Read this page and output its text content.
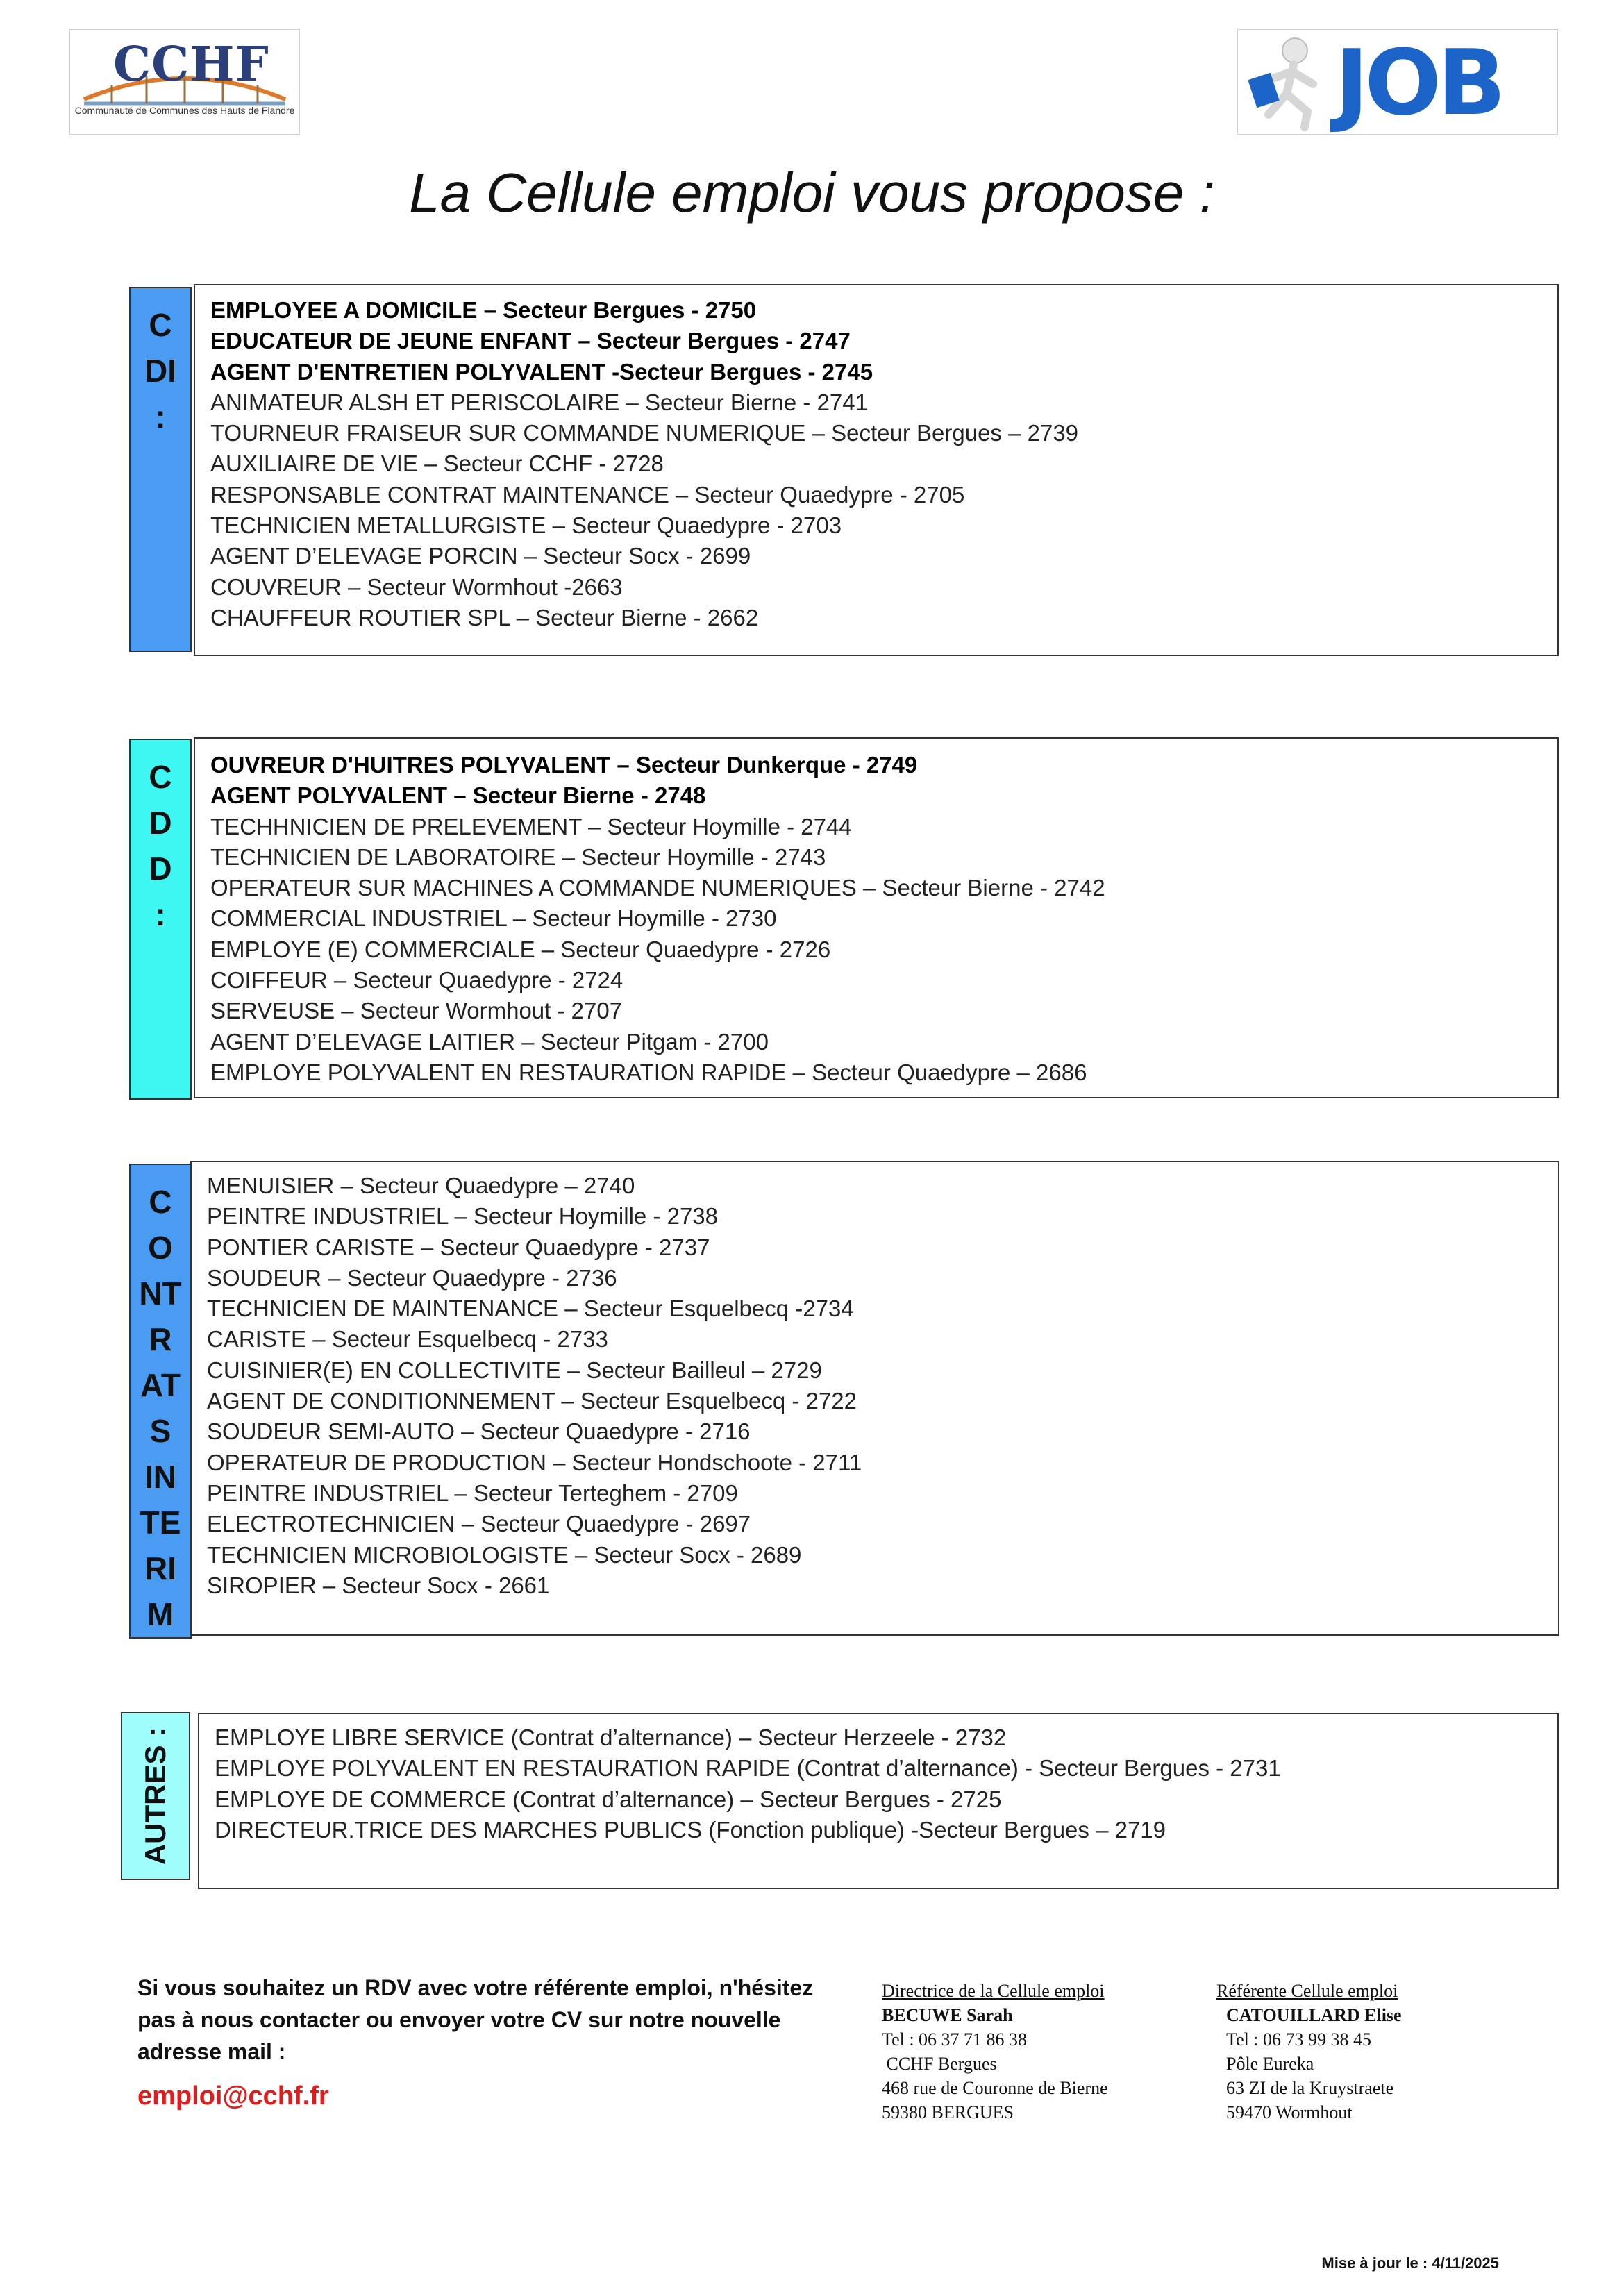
CCHF
Communauté de Communes des Hauts de Flandre	JOB
La Cellule emploi vous propose :
C
DI
:
EMPLOYEE A DOMICILE – Secteur Bergues - 2750
EDUCATEUR DE JEUNE ENFANT – Secteur Bergues - 2747
AGENT D'ENTRETIEN POLYVALENT -Secteur Bergues - 2745
ANIMATEUR ALSH ET PERISCOLAIRE – Secteur Bierne - 2741
TOURNEUR FRAISEUR SUR COMMANDE NUMERIQUE – Secteur Bergues – 2739
AUXILIAIRE DE VIE – Secteur CCHF - 2728
RESPONSABLE CONTRAT MAINTENANCE – Secteur Quaedypre - 2705
TECHNICIEN METALLURGISTE – Secteur Quaedypre - 2703
AGENT D’ELEVAGE PORCIN – Secteur Socx - 2699
COUVREUR – Secteur Wormhout -2663
CHAUFFEUR ROUTIER SPL – Secteur Bierne - 2662
C
D
D
:
OUVREUR D'HUITRES POLYVALENT – Secteur Dunkerque - 2749
AGENT POLYVALENT – Secteur Bierne - 2748
TECHHNICIEN DE PRELEVEMENT – Secteur Hoymille - 2744
TECHNICIEN DE LABORATOIRE – Secteur Hoymille - 2743
OPERATEUR SUR MACHINES A COMMANDE NUMERIQUES – Secteur Bierne - 2742
COMMERCIAL INDUSTRIEL – Secteur Hoymille - 2730
EMPLOYE (E) COMMERCIALE – Secteur Quaedypre - 2726
COIFFEUR – Secteur Quaedypre - 2724
SERVEUSE – Secteur Wormhout - 2707
AGENT D’ELEVAGE LAITIER – Secteur Pitgam - 2700
EMPLOYE POLYVALENT EN RESTAURATION RAPIDE – Secteur Quaedypre – 2686
C
O
NT
R
AT
S
IN
TE
RI
M
MENUISIER – Secteur Quaedypre – 2740
PEINTRE INDUSTRIEL – Secteur Hoymille - 2738
PONTIER CARISTE – Secteur Quaedypre - 2737
SOUDEUR – Secteur Quaedypre - 2736
TECHNICIEN DE MAINTENANCE – Secteur Esquelbecq -2734
CARISTE – Secteur Esquelbecq - 2733
CUISINIER(E) EN COLLECTIVITE – Secteur Bailleul – 2729
AGENT DE CONDITIONNEMENT – Secteur Esquelbecq - 2722
SOUDEUR SEMI-AUTO – Secteur Quaedypre - 2716
OPERATEUR DE PRODUCTION – Secteur Hondschoote - 2711
PEINTRE INDUSTRIEL – Secteur Terteghem - 2709
ELECTROTECHNICIEN – Secteur Quaedypre - 2697
TECHNICIEN MICROBIOLOGISTE – Secteur Socx - 2689
SIROPIER – Secteur Socx - 2661
AUTRES : EMPLOYE LIBRE SERVICE (Contrat d’alternance) – Secteur Herzeele - 2732
EMPLOYE POLYVALENT EN RESTAURATION RAPIDE (Contrat d’alternance) - Secteur Bergues - 2731
EMPLOYE DE COMMERCE (Contrat d’alternance) – Secteur Bergues - 2725
DIRECTEUR.TRICE DES MARCHES PUBLICS (Fonction publique) -Secteur Bergues – 2719
Si vous souhaitez un RDV avec votre référente emploi, n'hésitez pas à nous contacter ou envoyer votre CV sur notre nouvelle adresse mail :
emploi@cchf.fr
Directrice de la Cellule emploi
BECUWE Sarah
Tel : 06 37 71 86 38
CCHF Bergues
468 rue de Couronne de Bierne
59380 BERGUES
Référente Cellule emploi
CATOUILLARD Elise
Tel : 06 73 99 38 45
Pôle Eureka
63 ZI de la Kruystraete
59470 Wormhout
Mise à jour le : 4/11/2025
